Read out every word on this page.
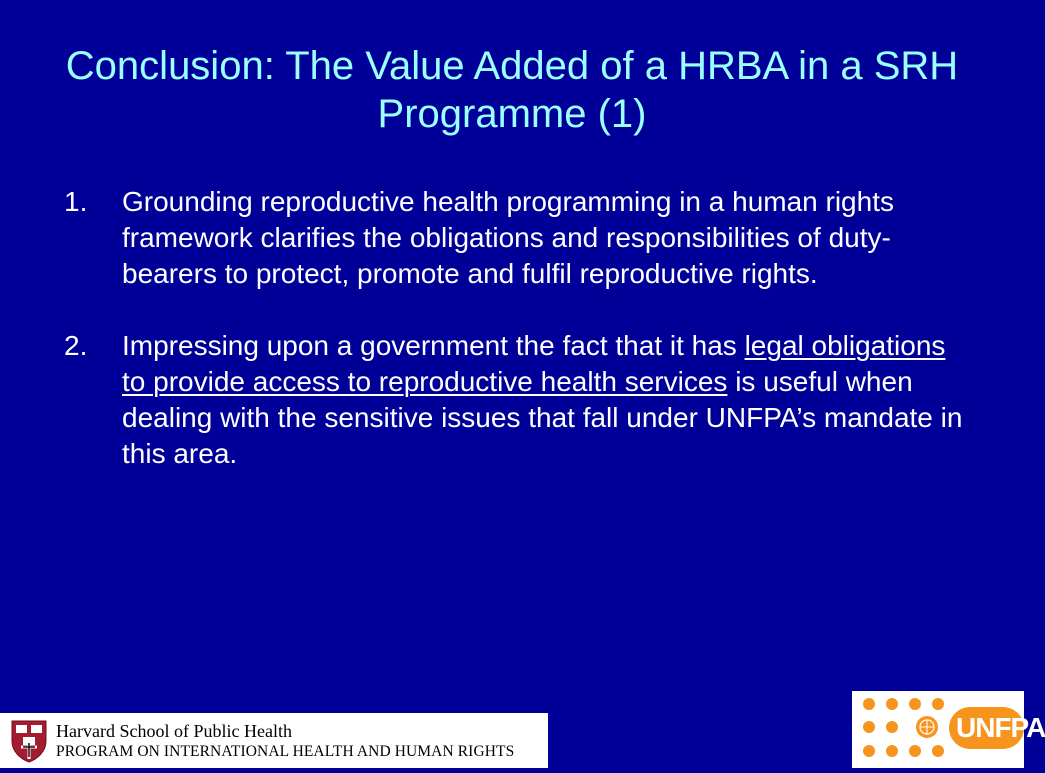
Conclusion: The Value Added of a HRBA in a SRH Programme (1)
1. Grounding reproductive health programming in a human rights framework clarifies the obligations and responsibilities of duty-bearers to protect, promote and fulfil reproductive rights.
2. Impressing upon a government the fact that it has legal obligations to provide access to reproductive health services is useful when dealing with the sensitive issues that fall under UNFPA’s mandate in this area.
Harvard School of Public Health
PROGRAM ON INTERNATIONAL HEALTH AND HUMAN RIGHTS
UNFPA
